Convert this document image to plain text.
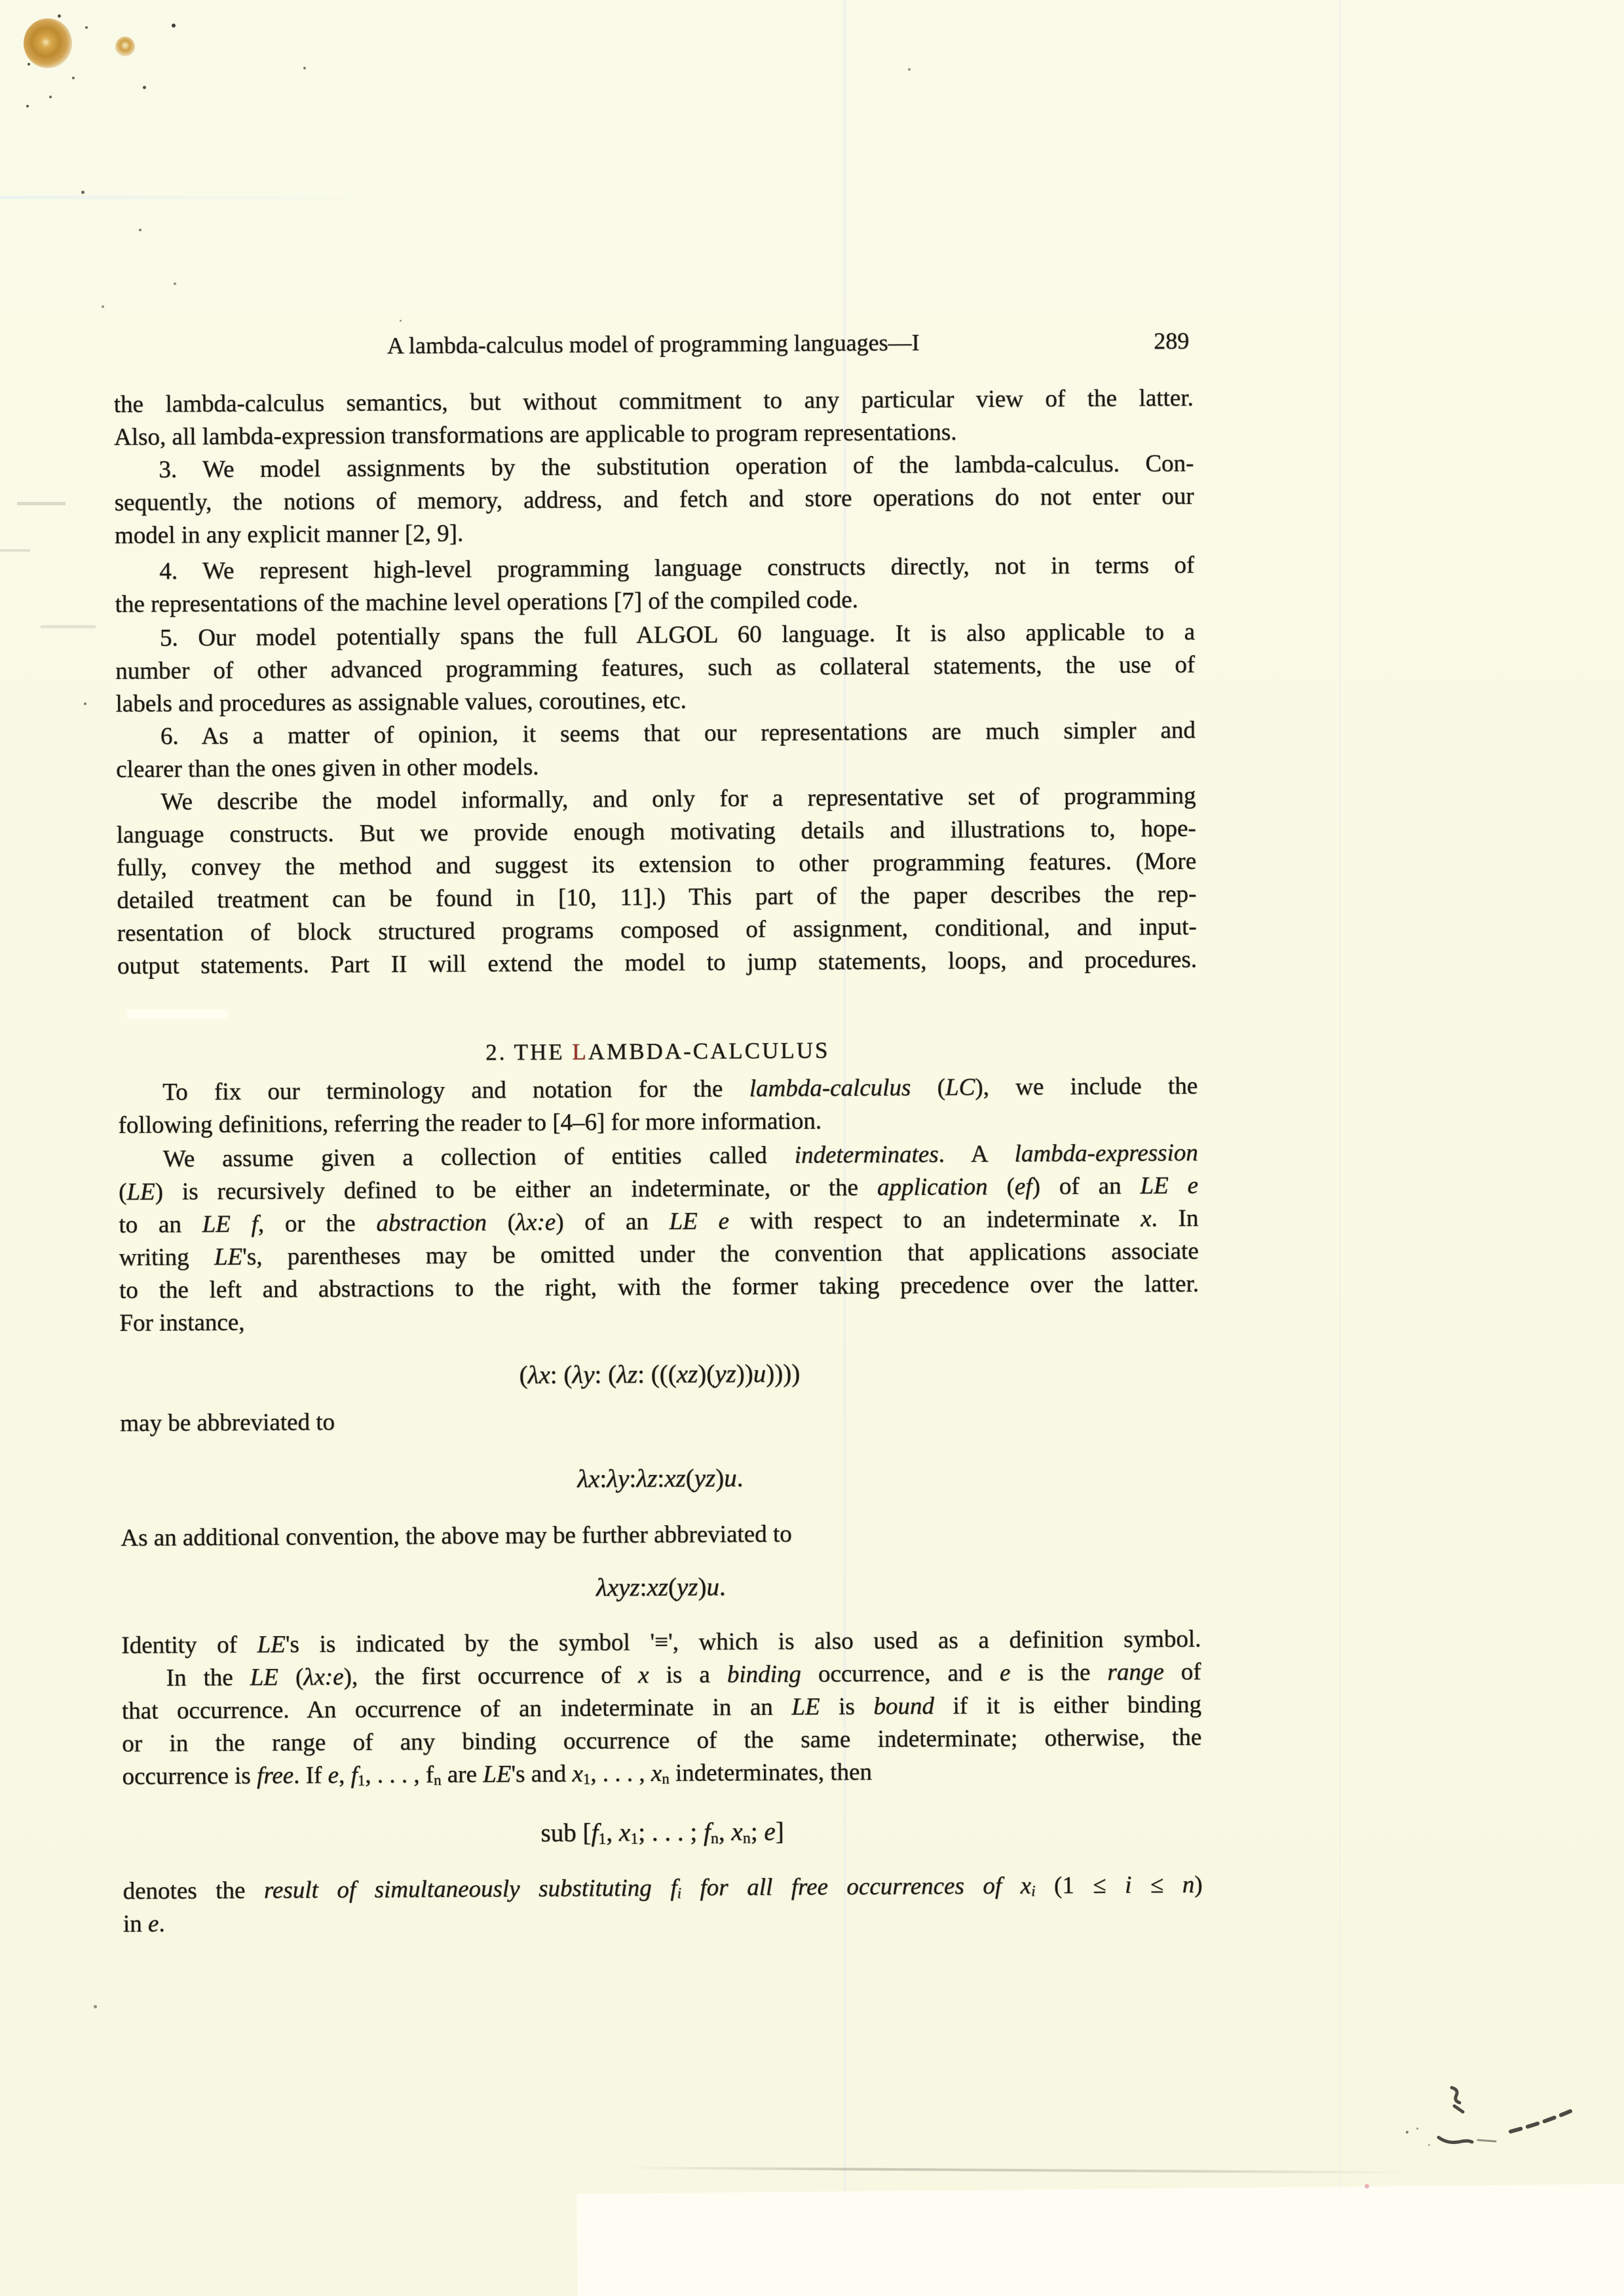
A lambda-calculus model of programming languages—I	289
the lambda-calculus semantics, but without commitment to any particular view of the latter.
Also, all lambda-expression transformations are applicable to program representations.
3. We model assignments by the substitution operation of the lambda-calculus. Con-
sequently, the notions of memory, address, and fetch and store operations do not enter our
model in any explicit manner [2, 9].
4. We represent high-level programming language constructs directly, not in terms of
the representations of the machine level operations [7] of the compiled code.
5. Our model potentially spans the full ALGOL 60 language. It is also applicable to a
number of other advanced programming features, such as collateral statements, the use of
labels and procedures as assignable values, coroutines, etc.
6. As a matter of opinion, it seems that our representations are much simpler and
clearer than the ones given in other models.
We describe the model informally, and only for a representative set of programming
language constructs. But we provide enough motivating details and illustrations to, hope-
fully, convey the method and suggest its extension to other programming features. (More
detailed treatment can be found in [10, 11].) This part of the paper describes the rep-
resentation of block structured programs composed of assignment, conditional, and input-
output statements. Part II will extend the model to jump statements, loops, and procedures.
2. THE LAMBDA-CALCULUS
To fix our terminology and notation for the lambda-calculus (LC), we include the
following definitions, referring the reader to [4–6] for more information.
We assume given a collection of entities called indeterminates. A lambda-expression
(LE) is recursively defined to be either an indeterminate, or the application (ef) of an LE e
to an LE f, or the abstraction (λx:e) of an LE e with respect to an indeterminate x. In
writing LE's, parentheses may be omitted under the convention that applications associate
to the left and abstractions to the right, with the former taking precedence over the latter.
For instance,
(λx: (λy: (λz: (((xz)(yz))u))))
may be abbreviated to
λx:λy:λz:xz(yz)u.
As an additional convention, the above may be further abbreviated to
λxyz:xz(yz)u.
Identity of LE's is indicated by the symbol '≡', which is also used as a definition symbol.
In the LE (λx:e), the first occurrence of x is a binding occurrence, and e is the range of
that occurrence. An occurrence of an indeterminate in an LE is bound if it is either binding
or in the range of any binding occurrence of the same indeterminate; otherwise, the
occurrence is free. If e, $f_1$, . . . , $f_n$ are LE's and $x_1$, . . . , $x_n$ indeterminates, then
sub [$f_1$, $x_1$; . . . ; $f_n$, $x_n$; e]
denotes the result of simultaneously substituting $f_i$ for all free occurrences of $x_i$ (1 ≤ i ≤ n)
in e.
